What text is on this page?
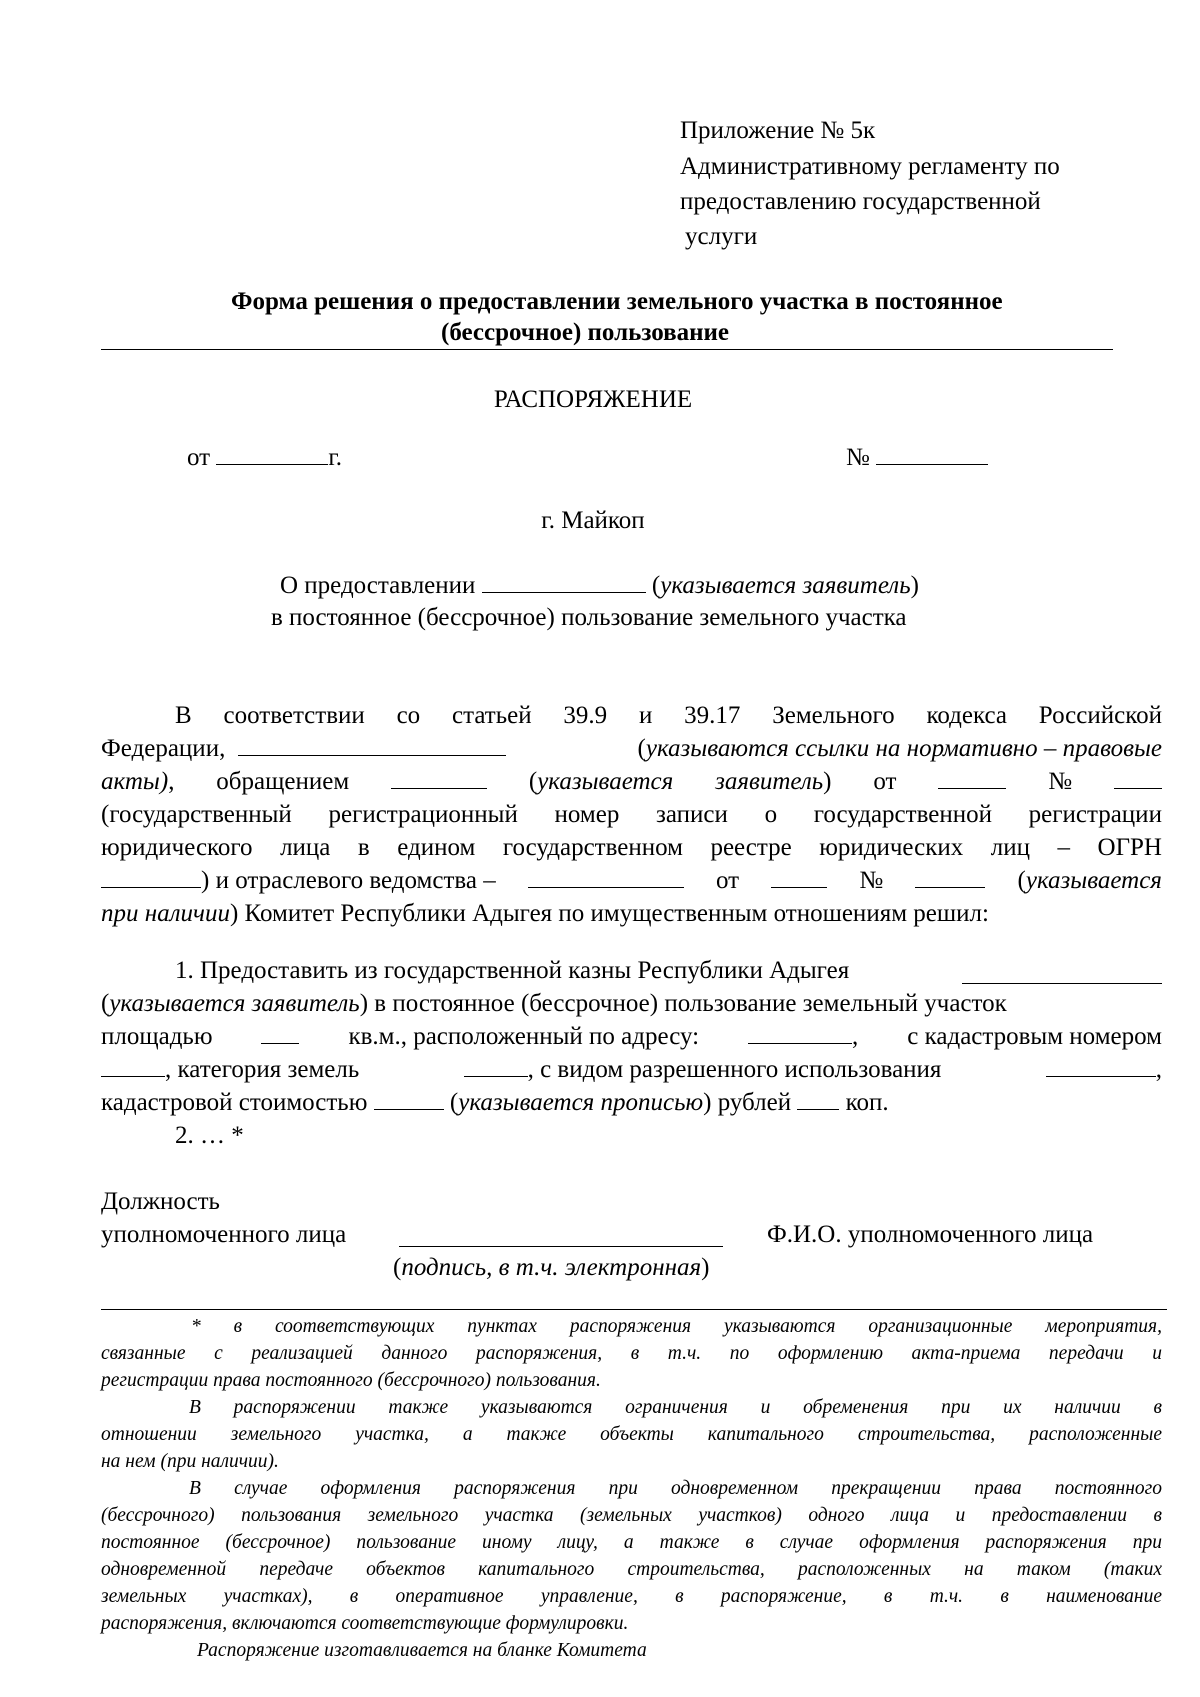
Приложение № 5к
Административному регламенту по
предоставлению государственной
услуги
Форма решения о предоставлении земельного участка в постоянное
(бессрочное) пользование
РАСПОРЯЖЕНИЕ
от	г.	№
г. Майкоп
О предоставлении	(указывается заявитель)
в постоянное (бессрочное) пользование земельного участка
В соответствии со статьей 39.9 и 39.17 Земельного кодекса Российской
Федерации,	(указываются ссылки на нормативно – правовые
акты), обращением	(указывается заявитель) от	№
(государственный регистрационный номер записи о государственной регистрации
юридического лица в едином государственном реестре юридических лиц – ОГРН
) и отраслевого ведомства –	от	№	(указывается
при наличии) Комитет Республики Адыгея по имущественным отношениям решил:
1. Предоставить из государственной казны Республики Адыгея
(указывается заявитель) в постоянное (бессрочное) пользование земельный участок
площадью	кв.м., расположенный по адресу:	, с кадастровым номером
, категория земель	, с видом разрешенного использования	,
кадастровой стоимостью	(указывается прописью) рублей коп.
2. … *
Должность
уполномоченного лица	Ф.И.О. уполномоченного лица
(подпись, в т.ч. электронная)
* в соответствующих пунктах распоряжения указываются организационные мероприятия,
связанные с реализацией данного распоряжения, в т.ч. по оформлению акта-приема передачи и
регистрации права постоянного (бессрочного) пользования.
В распоряжении также указываются ограничения и обременения при их наличии в
отношении земельного участка, а также объекты капитального строительства, расположенные
на нем (при наличии).
В случае оформления распоряжения при одновременном прекращении права постоянного
(бессрочного) пользования земельного участка (земельных участков) одного лица и предоставлении в
постоянное (бессрочное) пользование иному лицу, а также в случае оформления распоряжения при
одновременной передаче объектов капитального строительства, расположенных на таком (таких
земельных участках), в оперативное управление, в распоряжение, в т.ч. в наименование
распоряжения, включаются соответствующие формулировки.
Распоряжение изготавливается на бланке Комитета
